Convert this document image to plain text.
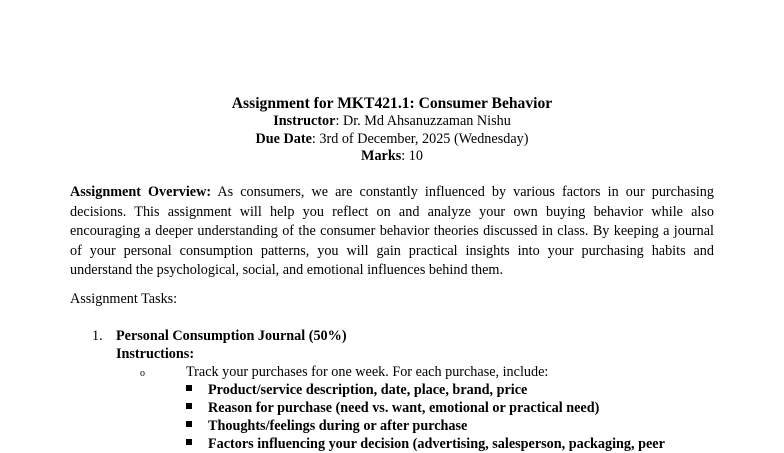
Assignment for MKT421.1: Consumer Behavior
Instructor: Dr. Md Ahsanuzzaman Nishu
Due Date: 3rd of December, 2025 (Wednesday)
Marks: 10
Assignment Overview: As consumers, we are constantly influenced by various factors in our purchasing decisions. This assignment will help you reflect on and analyze your own buying behavior while also encouraging a deeper understanding of the consumer behavior theories discussed in class. By keeping a journal of your personal consumption patterns, you will gain practical insights into your purchasing habits and understand the psychological, social, and emotional influences behind them.
Assignment Tasks:
1. Personal Consumption Journal (50%)
Instructions:
o	Track your purchases for one week. For each purchase, include:
Product/service description, date, place, brand, price
Reason for purchase (need vs. want, emotional or practical need)
Thoughts/feelings during or after purchase
Factors influencing your decision (advertising, salesperson, packaging, peer
